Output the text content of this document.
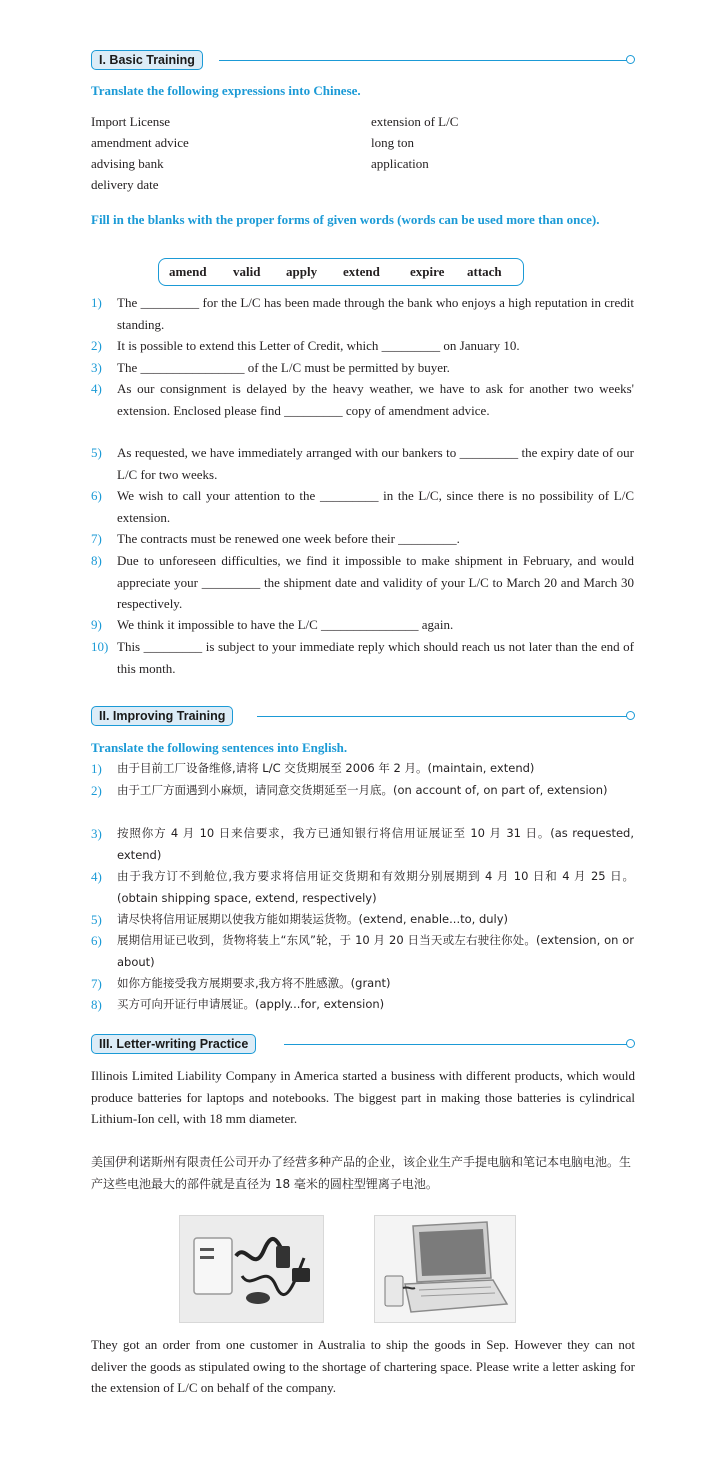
I. Basic Training
Translate the following expressions into Chinese.
Import License
amendment advice
advising bank
delivery date
extension of L/C
long ton
application
Fill in the blanks with the proper forms of given words (words can be used more than once).
amend valid apply extend expire attach
1) The _________ for the L/C has been made through the bank who enjoys a high reputation in credit standing.
2) It is possible to extend this Letter of Credit, which _________ on January 10.
3) The ________________ of the L/C must be permitted by buyer.
4) As our consignment is delayed by the heavy weather, we have to ask for another two weeks' extension. Enclosed please find _________ copy of amendment advice.
5) As requested, we have immediately arranged with our bankers to _________ the expiry date of our L/C for two weeks.
6) We wish to call your attention to the _________ in the L/C, since there is no possibility of L/C extension.
7) The contracts must be renewed one week before their _________.
8) Due to unforeseen difficulties, we find it impossible to make shipment in February, and would appreciate your _________ the shipment date and validity of your L/C to March 20 and March 30 respectively.
9) We think it impossible to have the L/C _______________ again.
10) This _________ is subject to your immediate reply which should reach us not later than the end of this month.
II. Improving Training
Translate the following sentences into English.
1) 由于目前工厂设备维修,请将 L/C 交货期展至 2006 年 2 月。(maintain, extend)
2) 由于工厂方面遇到小麻烦，请同意交货期延至一月底。(on account of, on part of, extension)
3) 按照你方 4 月 10 日来信要求，我方已通知银行将信用证展证至 10 月 31 日。(as requested, extend)
4) 由于我方订不到舱位,我方要求将信用证交货期和有效期分别展期到 4 月 10 日和 4 月 25 日。(obtain shipping space, extend, respectively)
5) 请尽快将信用证展期以使我方能如期装运货物。(extend, enable...to, duly)
6) 展期信用证已收到，货物将装上“东风”轮，于 10 月 20 日当天或左右驶往你处。(extension, on or about)
7) 如你方能接受我方展期要求,我方将不胜感激。(grant)
8) 买方可向开证行申请展证。(apply...for, extension)
III. Letter-writing Practice
Illinois Limited Liability Company in America started a business with different products, which would produce batteries for laptops and notebooks. The biggest part in making those batteries is cylindrical Lithium-Ion cell, with 18 mm diameter.
美国伊利诺斯州有限责任公司开办了经营多种产品的企业，该企业生产手提电脑和笔记本电脑电池。生产这些电池最大的部件就是直径为 18 毫米的圆柱型锂离子电池。
They got an order from one customer in Australia to ship the goods in Sep. However they can not deliver the goods as stipulated owing to the shortage of chartering space. Please write a letter asking for the extension of L/C on behalf of the company.
